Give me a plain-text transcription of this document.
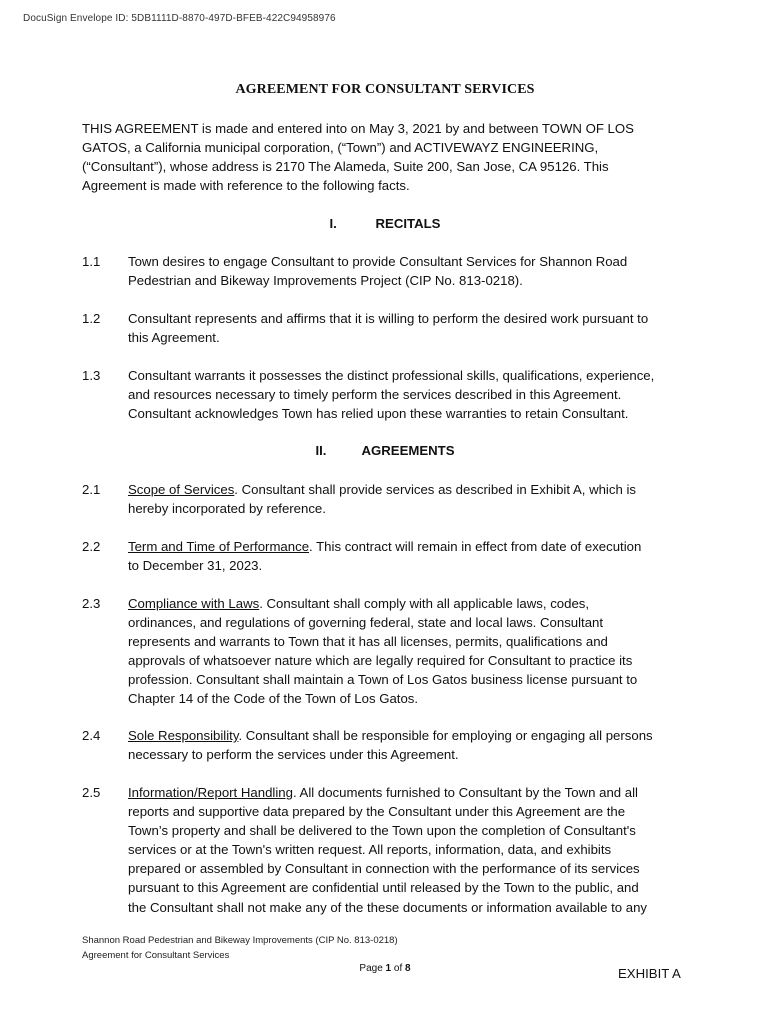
DocuSign Envelope ID: 5DB1111D-8870-497D-BFEB-422C94958976
AGREEMENT FOR CONSULTANT SERVICES
THIS AGREEMENT is made and entered into on May 3, 2021 by and between TOWN OF LOS
GATOS, a California municipal corporation, (“Town”) and ACTIVEWAYZ ENGINEERING,
(“Consultant”), whose address is 2170 The Alameda, Suite 200, San Jose, CA 95126. This
Agreement is made with reference to the following facts.
I.	RECITALS
1.1 Town desires to engage Consultant to provide Consultant Services for Shannon Road
Pedestrian and Bikeway Improvements Project (CIP No. 813-0218).
1.2 Consultant represents and affirms that it is willing to perform the desired work pursuant to
this Agreement.
1.3 Consultant warrants it possesses the distinct professional skills, qualifications, experience,
and resources necessary to timely perform the services described in this Agreement.
Consultant acknowledges Town has relied upon these warranties to retain Consultant.
II.	AGREEMENTS
2.1 Scope of Services. Consultant shall provide services as described in Exhibit A, which is
hereby incorporated by reference.
2.2 Term and Time of Performance. This contract will remain in effect from date of execution
to December 31, 2023.
2.3 Compliance with Laws. Consultant shall comply with all applicable laws, codes,
ordinances, and regulations of governing federal, state and local laws. Consultant
represents and warrants to Town that it has all licenses, permits, qualifications and
approvals of whatsoever nature which are legally required for Consultant to practice its
profession. Consultant shall maintain a Town of Los Gatos business license pursuant to
Chapter 14 of the Code of the Town of Los Gatos.
2.4 Sole Responsibility. Consultant shall be responsible for employing or engaging all persons
necessary to perform the services under this Agreement.
2.5 Information/Report Handling. All documents furnished to Consultant by the Town and all
reports and supportive data prepared by the Consultant under this Agreement are the
Town’s property and shall be delivered to the Town upon the completion of Consultant's
services or at the Town's written request. All reports, information, data, and exhibits
prepared or assembled by Consultant in connection with the performance of its services
pursuant to this Agreement are confidential until released by the Town to the public, and
the Consultant shall not make any of the these documents or information available to any
Shannon Road Pedestrian and Bikeway Improvements (CIP No. 813-0218)
Agreement for Consultant Services
Page 1 of 8	EXHIBIT A
